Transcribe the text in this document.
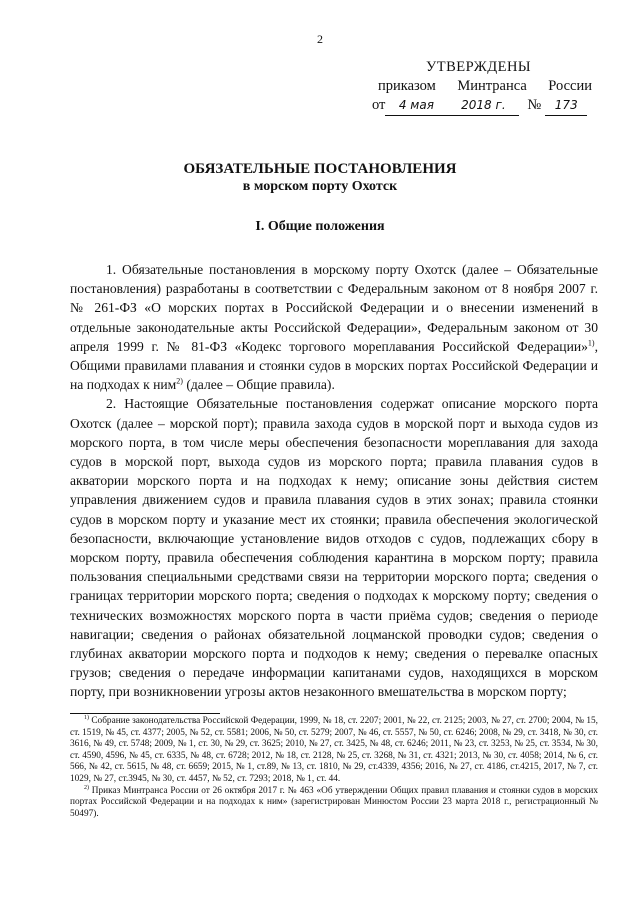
2
УТВЕРЖДЕНЫ
приказом Минтранса России
от	4 мая	2018 г.	№	173
ОБЯЗАТЕЛЬНЫЕ ПОСТАНОВЛЕНИЯ
в морском порту Охотск
I. Общие положения

1. Обязательные постановления в морскому порту Охотск (далее – Обязательные постановления) разработаны в соответствии с Федеральным законом от 8 ноября 2007 г. № 261-ФЗ «О морских портах в Российской Федерации и о внесении изменений в отдельные законодательные акты Российской Федерации», Федеральным законом от 30 апреля 1999 г. № 81-ФЗ «Кодекс торгового мореплавания Российской Федерации»$^{1)}$, Общими правилами плавания и стоянки судов в морских портах Российской Федерации и на подходах к ним$^{2)}$ (далее – Общие правила).

2. Настоящие Обязательные постановления содержат описание морского порта Охотск (далее – морской порт); правила захода судов в морской порт и выхода судов из морского порта, в том числе меры обеспечения безопасности мореплавания для захода судов в морской порт, выхода судов из морского порта; правила плавания судов в акватории морского порта и на подходах к нему; описание зоны действия систем управления движением судов и правила плавания судов в этих зонах; правила стоянки судов в морском порту и указание мест их стоянки; правила обеспечения экологической безопасности, включающие установление видов отходов с судов, подлежащих сбору в морском порту, правила обеспечения соблюдения карантина в морском порту; правила пользования специальными средствами связи на территории морского порта; сведения о границах территории морского порта; сведения о подходах к морскому порту; сведения о технических возможностях морского порта в части приёма судов; сведения о периоде навигации; сведения о районах обязательной лоцманской проводки судов; сведения о глубинах акватории морского порта и подходов к нему; сведения о перевалке опасных грузов; сведения о передаче информации капитанами судов, находящихся в морском порту, при возникновении угрозы актов незаконного вмешательства в морском порту;

$^{1)}$ Собрание законодательства Российской Федерации, 1999, № 18, ст. 2207; 2001, № 22, ст. 2125; 2003, № 27, ст. 2700; 2004, № 15, ст. 1519, № 45, ст. 4377; 2005, № 52, ст. 5581; 2006, № 50, ст. 5279; 2007, № 46, ст. 5557, № 50, ст. 6246; 2008, № 29, ст. 3418, № 30, ст. 3616, № 49, ст. 5748; 2009, № 1, ст. 30, № 29, ст. 3625; 2010, № 27, ст. 3425, № 48, ст. 6246; 2011, № 23, ст. 3253, № 25, ст. 3534, № 30, ст. 4590, 4596, № 45, ст. 6335, № 48, ст. 6728; 2012, № 18, ст. 2128, № 25, ст. 3268, № 31, ст. 4321; 2013, № 30, ст. 4058; 2014, № 6, ст. 566, № 42, ст. 5615, № 48, ст. 6659; 2015, № 1, ст.89, № 13, ст. 1810, № 29, ст.4339, 4356; 2016, № 27, ст. 4186, ст.4215, 2017, № 7, ст. 1029, № 27, ст.3945, № 30, ст. 4457, № 52, ст. 7293; 2018, № 1, ст. 44.

$^{2)}$ Приказ Минтранса России от 26 октября 2017 г. № 463 «Об утверждении Общих правил плавания и стоянки судов в морских портах Российской Федерации и на подходах к ним» (зарегистрирован Минюстом России 23 марта 2018 г., регистрационный № 50497).
